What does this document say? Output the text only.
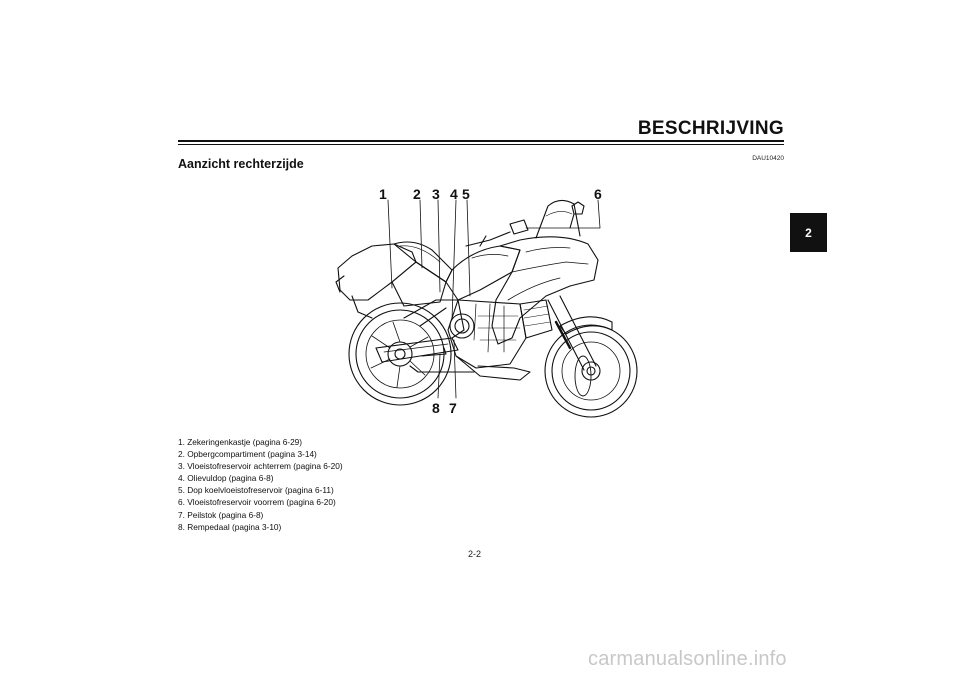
BESCHRIJVING
DAU10420
Aanzicht rechterzijde
2
1 2 3 4 5	6
8 7
1. Zekeringenkastje (pagina 6-29)
2. Opbergcompartiment (pagina 3-14)
3. Vloeistofreservoir achterrem (pagina 6-20)
4. Olievuldop (pagina 6-8)
5. Dop koelvloeistofreservoir (pagina 6-11)
6. Vloeistofreservoir voorrem (pagina 6-20)
7. Peilstok (pagina 6-8)
8. Rempedaal (pagina 3-10)
2-2
carmanualsonline.info
